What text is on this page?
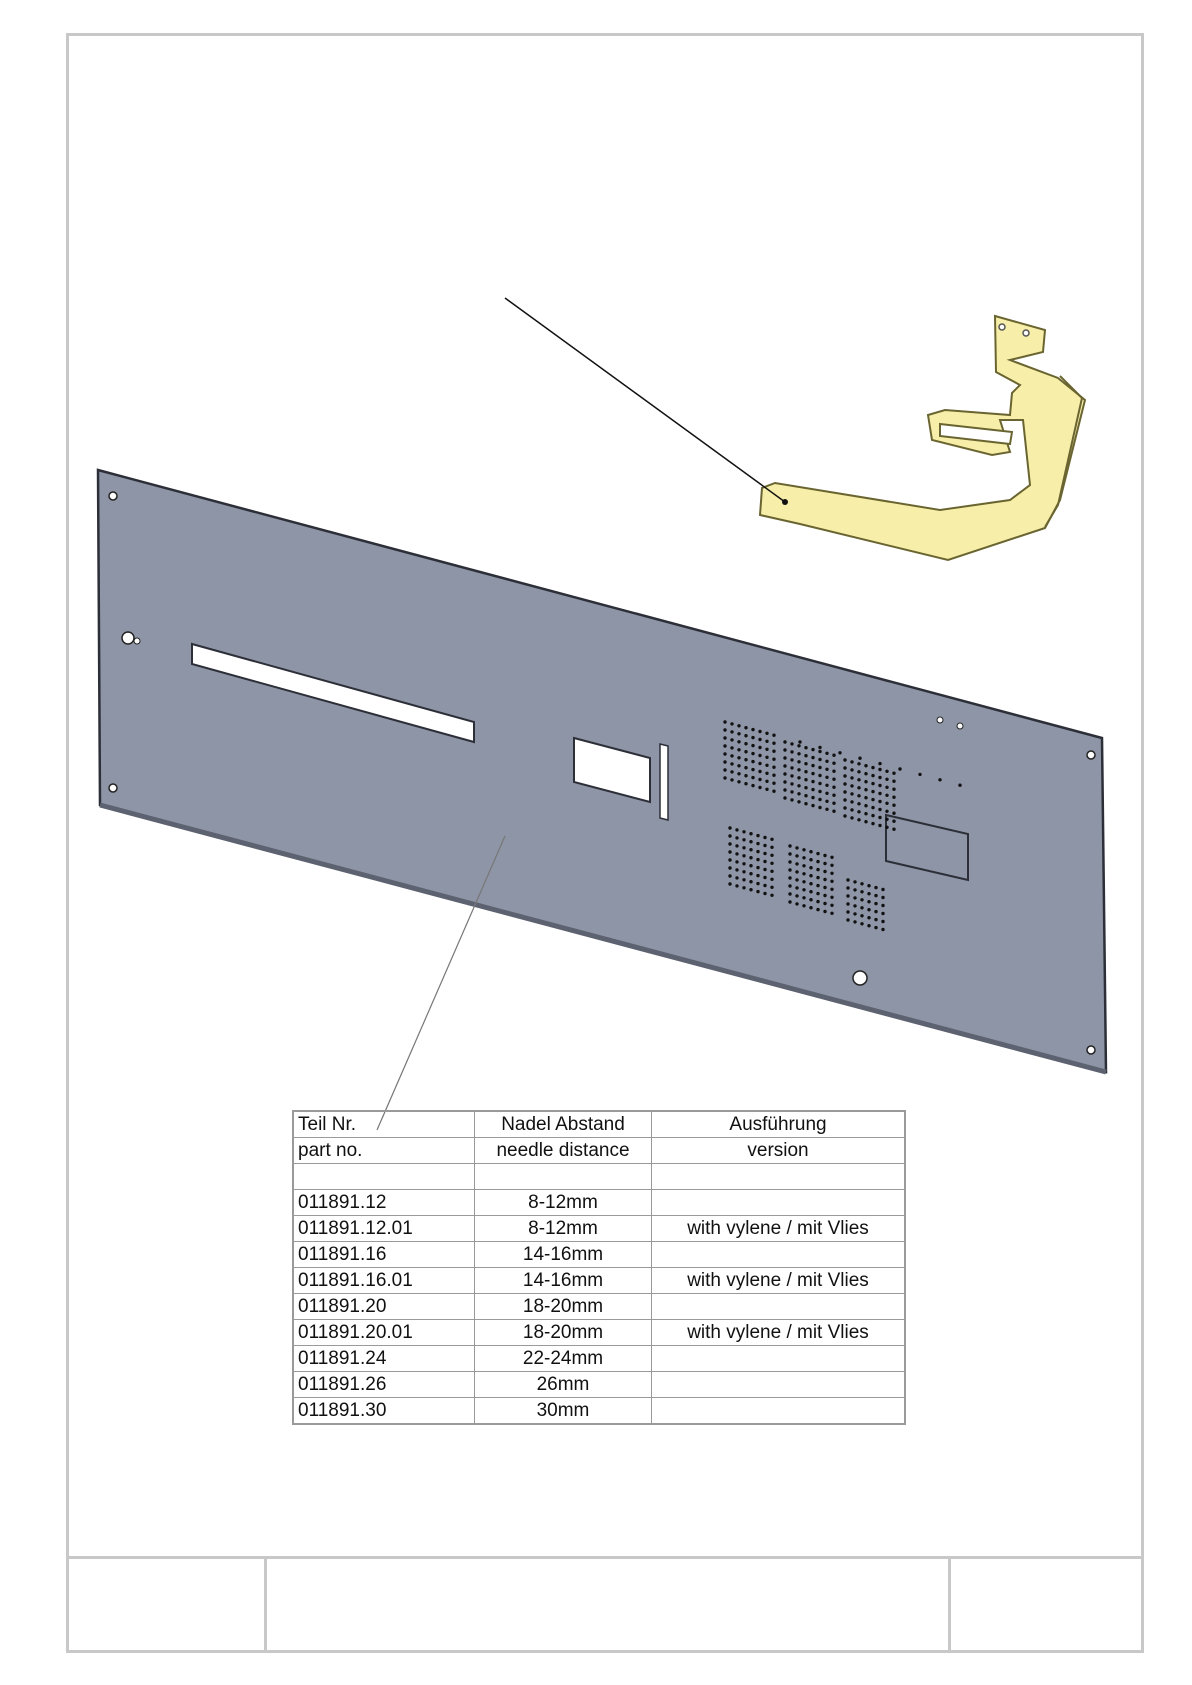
Teil Nr.	Nadel Abstand	Ausführung
part no.	needle distance	version

011891.12	8-12mm	
011891.12.01	8-12mm	with vylene / mit Vlies
011891.16	14-16mm	
011891.16.01	14-16mm	with vylene / mit Vlies
011891.20	18-20mm	
011891.20.01	18-20mm	with vylene / mit Vlies
011891.24	22-24mm	
011891.26	26mm	
011891.30	30mm	
